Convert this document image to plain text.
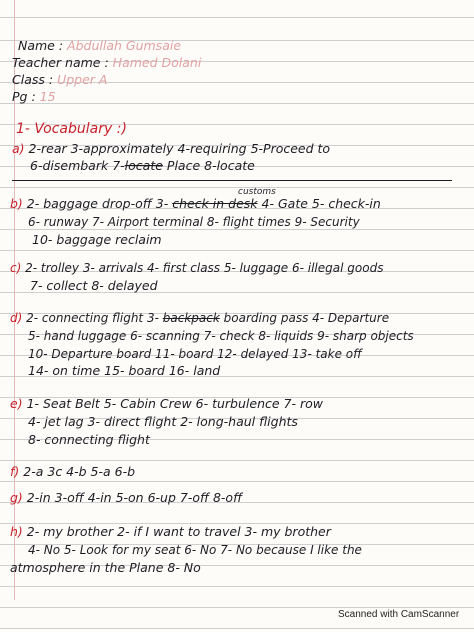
Name : Abdullah Gumsaie
Teacher name : Hamed Dolani
Class : Upper A
Pg : 15
1- Vocabulary :)
a) 2-rear 3-approximately 4-requiring 5-Proceed to
6-disembark 7-locate Place 8-locate
customs
b) 2- baggage drop-off 3- check in desk 4- Gate 5- check-in
6- runway 7- Airport terminal 8- flight times 9- Security
10- baggage reclaim
c) 2- trolley 3- arrivals 4- first class 5- luggage 6- illegal goods
7- collect 8- delayed
d) 2- connecting flight 3- backpack boarding pass 4- Departure
5- hand luggage 6- scanning 7- check 8- liquids 9- sharp objects
10- Departure board 11- board 12- delayed 13- take off
14- on time 15- board 16- land
e) 1- Seat Belt 5- Cabin Crew 6- turbulence 7- row
4- jet lag 3- direct flight 2- long-haul flights
8- connecting flight
f) 2-a 3c 4-b 5-a 6-b
g) 2-in 3-off 4-in 5-on 6-up 7-off 8-off
h) 2- my brother 2- if I want to travel 3- my brother
4- No 5- Look for my seat 6- No 7- No because I like the
atmosphere in the Plane 8- No
Scanned with CamScanner
